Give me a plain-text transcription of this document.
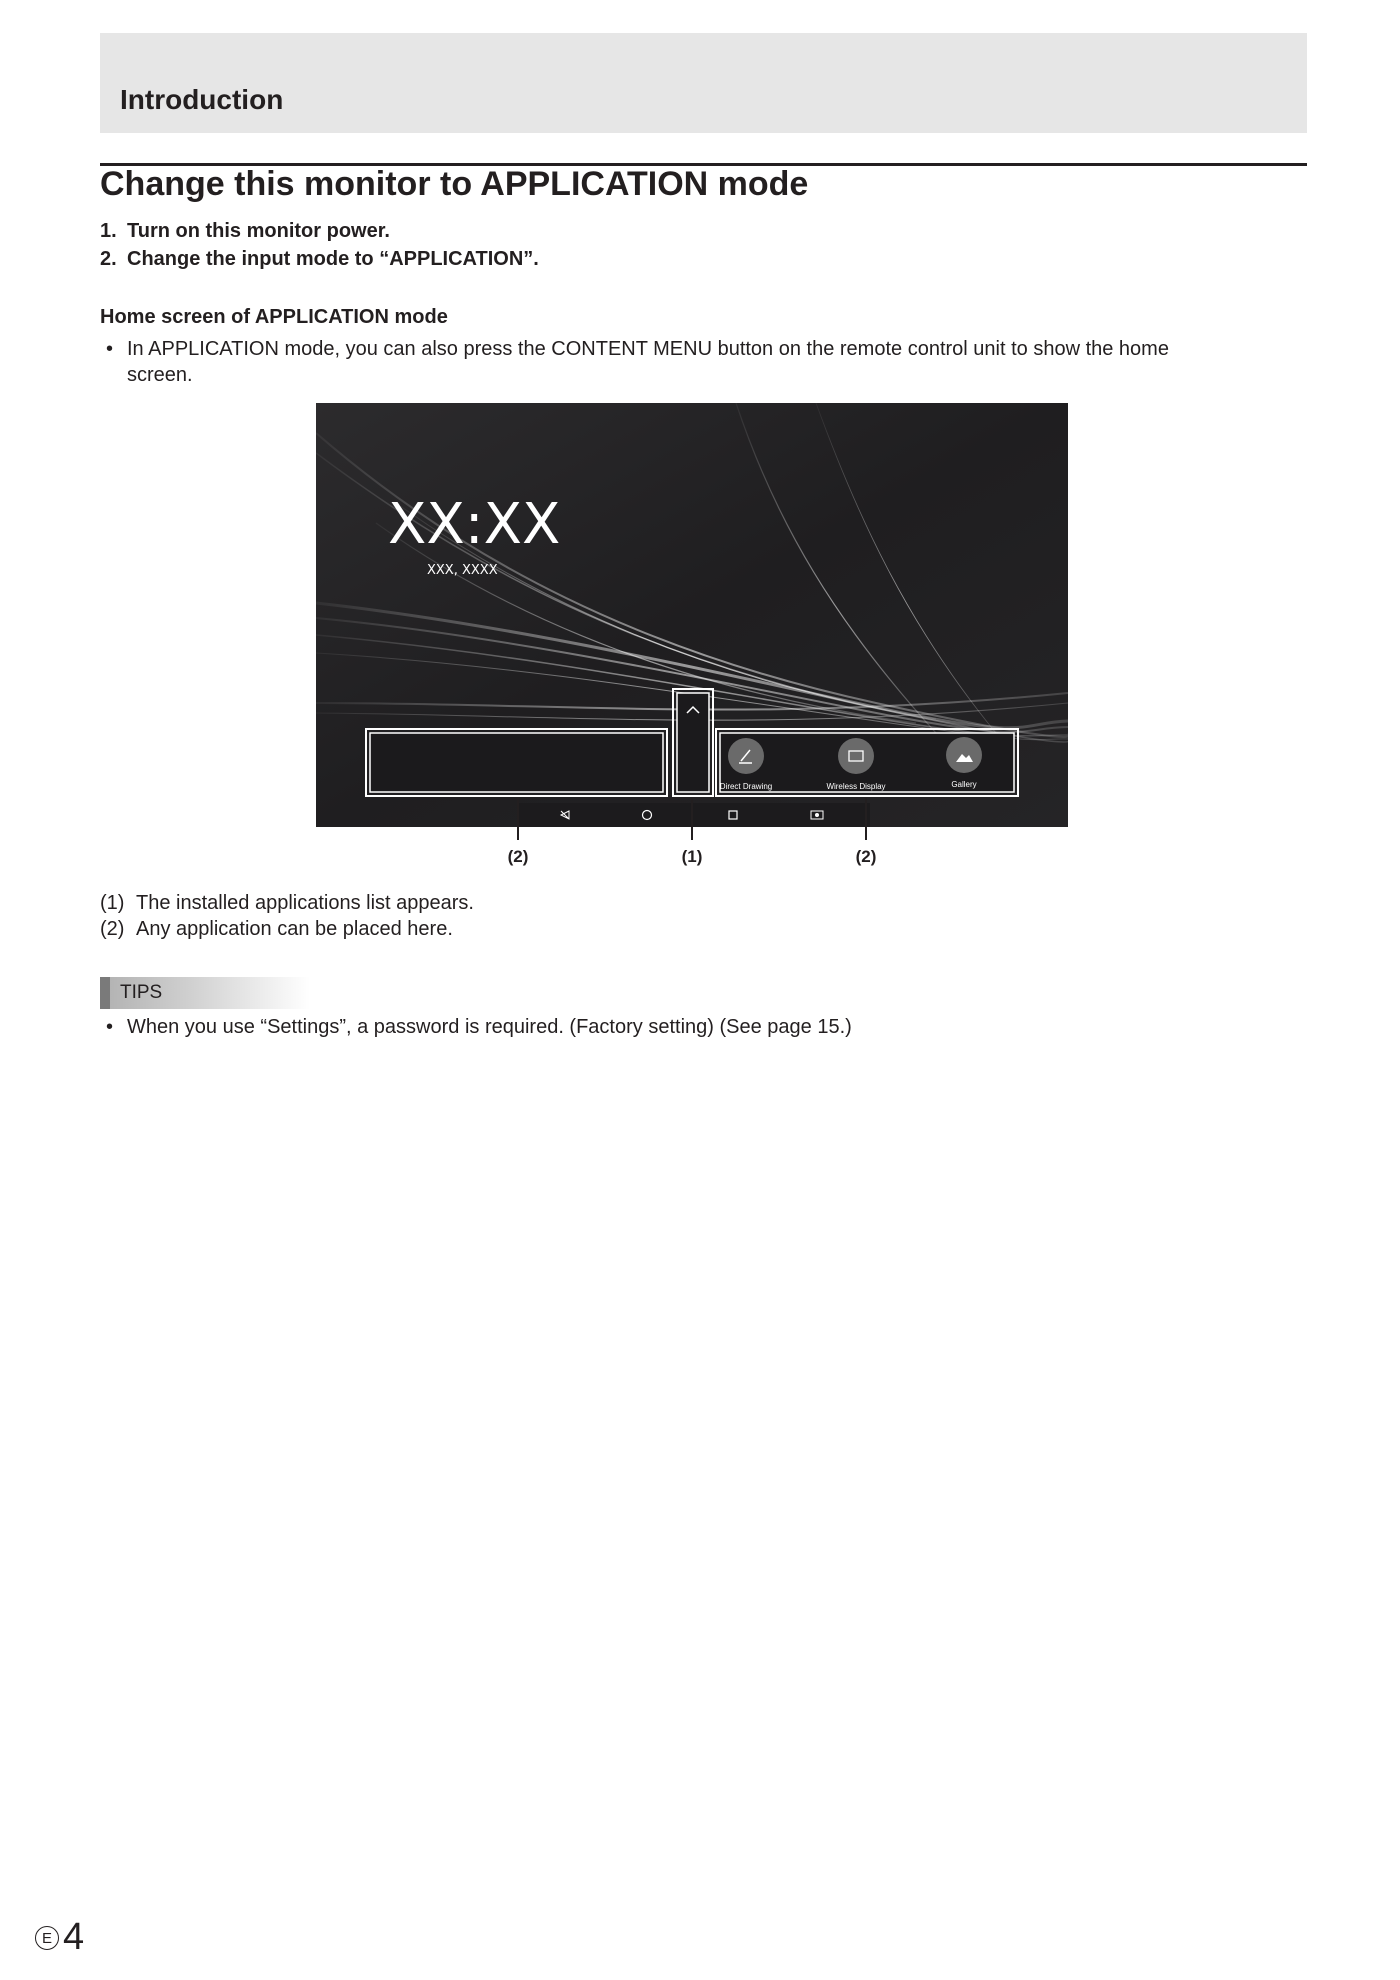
Introduction
Change this monitor to APPLICATION mode
1. Turn on this monitor power.
2. Change the input mode to “APPLICATION”.
Home screen of APPLICATION mode
• In APPLICATION mode, you can also press the CONTENT MENU button on the remote control unit to show the home
screen.
XX:XX
XXX, XXXX
Direct Drawing	Wireless Display	Gallery
(2)	(1)	(2)
(1) The installed applications list appears.
(2) Any application can be placed here.
TIPS
• When you use “Settings”, a password is required. (Factory setting) (See page 15.)
E 4
